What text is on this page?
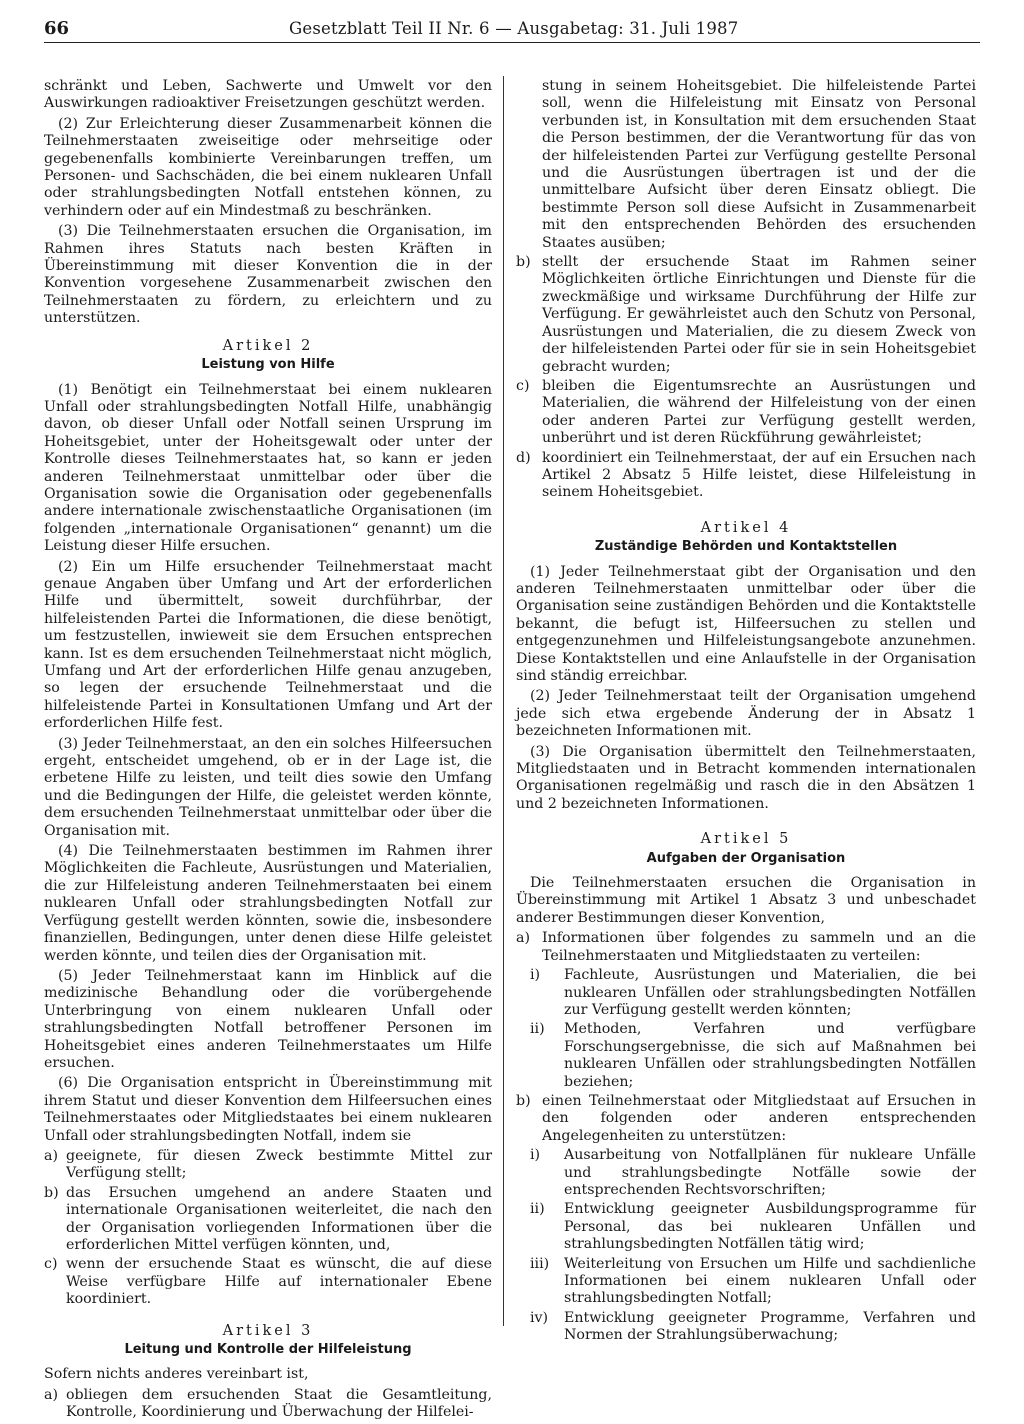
66	Gesetzblatt Teil II Nr. 6 — Ausgabetag: 31. Juli 1987

schränkt und Leben, Sachwerte und Umwelt vor den Auswirkungen radioaktiver Freisetzungen geschützt werden.

(2) Zur Erleichterung dieser Zusammenarbeit können die Teilnehmerstaaten zweiseitige oder mehrseitige oder gegebenenfalls kombinierte Vereinbarungen treffen, um Personen- und Sachschäden, die bei einem nuklearen Unfall oder strahlungsbedingten Notfall entstehen können, zu verhindern oder auf ein Mindestmaß zu beschränken.

(3) Die Teilnehmerstaaten ersuchen die Organisation, im Rahmen ihres Statuts nach besten Kräften in Übereinstimmung mit dieser Konvention die in der Konvention vorgesehene Zusammenarbeit zwischen den Teilnehmerstaaten zu fördern, zu erleichtern und zu unterstützen.

Artikel 2
Leistung von Hilfe

(1) Benötigt ein Teilnehmerstaat bei einem nuklearen Unfall oder strahlungsbedingten Notfall Hilfe, unabhängig davon, ob dieser Unfall oder Notfall seinen Ursprung im Hoheitsgebiet, unter der Hoheitsgewalt oder unter der Kontrolle dieses Teilnehmerstaates hat, so kann er jeden anderen Teilnehmerstaat unmittelbar oder über die Organisation sowie die Organisation oder gegebenenfalls andere internationale zwischenstaatliche Organisationen (im folgenden „internationale Organisationen“ genannt) um die Leistung dieser Hilfe ersuchen.

(2) Ein um Hilfe ersuchender Teilnehmerstaat macht genaue Angaben über Umfang und Art der erforderlichen Hilfe und übermittelt, soweit durchführbar, der hilfeleistenden Partei die Informationen, die diese benötigt, um festzustellen, inwieweit sie dem Ersuchen entsprechen kann. Ist es dem ersuchenden Teilnehmerstaat nicht möglich, Umfang und Art der erforderlichen Hilfe genau anzugeben, so legen der ersuchende Teilnehmerstaat und die hilfeleistende Partei in Konsultationen Umfang und Art der erforderlichen Hilfe fest.

(3) Jeder Teilnehmerstaat, an den ein solches Hilfeersuchen ergeht, entscheidet umgehend, ob er in der Lage ist, die erbetene Hilfe zu leisten, und teilt dies sowie den Umfang und die Bedingungen der Hilfe, die geleistet werden könnte, dem ersuchenden Teilnehmerstaat unmittelbar oder über die Organisation mit.

(4) Die Teilnehmerstaaten bestimmen im Rahmen ihrer Möglichkeiten die Fachleute, Ausrüstungen und Materialien, die zur Hilfeleistung anderen Teilnehmerstaaten bei einem nuklearen Unfall oder strahlungsbedingten Notfall zur Verfügung gestellt werden könnten, sowie die, insbesondere finanziellen, Bedingungen, unter denen diese Hilfe geleistet werden könnte, und teilen dies der Organisation mit.

(5) Jeder Teilnehmerstaat kann im Hinblick auf die medizinische Behandlung oder die vorübergehende Unterbringung von einem nuklearen Unfall oder strahlungsbedingten Notfall betroffener Personen im Hoheitsgebiet eines anderen Teilnehmerstaates um Hilfe ersuchen.

(6) Die Organisation entspricht in Übereinstimmung mit ihrem Statut und dieser Konvention dem Hilfeersuchen eines Teilnehmerstaates oder Mitgliedstaates bei einem nuklearen Unfall oder strahlungsbedingten Notfall, indem sie

a) geeignete, für diesen Zweck bestimmte Mittel zur Verfügung stellt;
b) das Ersuchen umgehend an andere Staaten und internationale Organisationen weiterleitet, die nach den der Organisation vorliegenden Informationen über die erforderlichen Mittel verfügen könnten, und,
c) wenn der ersuchende Staat es wünscht, die auf diese Weise verfügbare Hilfe auf internationaler Ebene koordiniert.
Artikel 3
Leitung und Kontrolle der Hilfeleistung

Sofern nichts anderes vereinbart ist,

a) obliegen dem ersuchenden Staat die Gesamtleitung, Kontrolle, Koordinierung und Überwachung der Hilfelei-
stung in seinem Hoheitsgebiet. Die hilfeleistende Partei soll, wenn die Hilfeleistung mit Einsatz von Personal verbunden ist, in Konsultation mit dem ersuchenden Staat die Person bestimmen, der die Verantwortung für das von der hilfeleistenden Partei zur Verfügung gestellte Personal und die Ausrüstungen übertragen ist und der die unmittelbare Aufsicht über deren Einsatz obliegt. Die bestimmte Person soll diese Aufsicht in Zusammenarbeit mit den entsprechenden Behörden des ersuchenden Staates ausüben;
b) stellt der ersuchende Staat im Rahmen seiner Möglichkeiten örtliche Einrichtungen und Dienste für die zweckmäßige und wirksame Durchführung der Hilfe zur Verfügung. Er gewährleistet auch den Schutz von Personal, Ausrüstungen und Materialien, die zu diesem Zweck von der hilfeleistenden Partei oder für sie in sein Hoheitsgebiet gebracht wurden;
c) bleiben die Eigentumsrechte an Ausrüstungen und Materialien, die während der Hilfeleistung von der einen oder anderen Partei zur Verfügung gestellt werden, unberührt und ist deren Rückführung gewährleistet;
d) koordiniert ein Teilnehmerstaat, der auf ein Ersuchen nach Artikel 2 Absatz 5 Hilfe leistet, diese Hilfeleistung in seinem Hoheitsgebiet.
Artikel 4
Zuständige Behörden und Kontaktstellen

(1) Jeder Teilnehmerstaat gibt der Organisation und den anderen Teilnehmerstaaten unmittelbar oder über die Organisation seine zuständigen Behörden und die Kontaktstelle bekannt, die befugt ist, Hilfeersuchen zu stellen und entgegenzunehmen und Hilfeleistungsangebote anzunehmen. Diese Kontaktstellen und eine Anlaufstelle in der Organisation sind ständig erreichbar.

(2) Jeder Teilnehmerstaat teilt der Organisation umgehend jede sich etwa ergebende Änderung der in Absatz 1 bezeichneten Informationen mit.

(3) Die Organisation übermittelt den Teilnehmerstaaten, Mitgliedstaaten und in Betracht kommenden internationalen Organisationen regelmäßig und rasch die in den Absätzen 1 und 2 bezeichneten Informationen.

Artikel 5
Aufgaben der Organisation

Die Teilnehmerstaaten ersuchen die Organisation in Übereinstimmung mit Artikel 1 Absatz 3 und unbeschadet anderer Bestimmungen dieser Konvention,

a) Informationen über folgendes zu sammeln und an die Teilnehmerstaaten und Mitgliedstaaten zu verteilen:
i)	Fachleute, Ausrüstungen und Materialien, die bei nuklearen Unfällen oder strahlungsbedingten Notfällen zur Verfügung gestellt werden könnten;
ii)	Methoden, Verfahren und verfügbare Forschungsergebnisse, die sich auf Maßnahmen bei nuklearen Unfällen oder strahlungsbedingten Notfällen beziehen;
b) einen Teilnehmerstaat oder Mitgliedstaat auf Ersuchen in den folgenden oder anderen entsprechenden Angelegenheiten zu unterstützen:
i)	Ausarbeitung von Notfallplänen für nukleare Unfälle und strahlungsbedingte Notfälle sowie der entsprechenden Rechtsvorschriften;
ii)	Entwicklung geeigneter Ausbildungsprogramme für Personal, das bei nuklearen Unfällen und strahlungsbedingten Notfällen tätig wird;
iii)	Weiterleitung von Ersuchen um Hilfe und sachdienliche Informationen bei einem nuklearen Unfall oder strahlungsbedingten Notfall;
iv)	Entwicklung geeigneter Programme, Verfahren und Normen der Strahlungsüberwachung;
